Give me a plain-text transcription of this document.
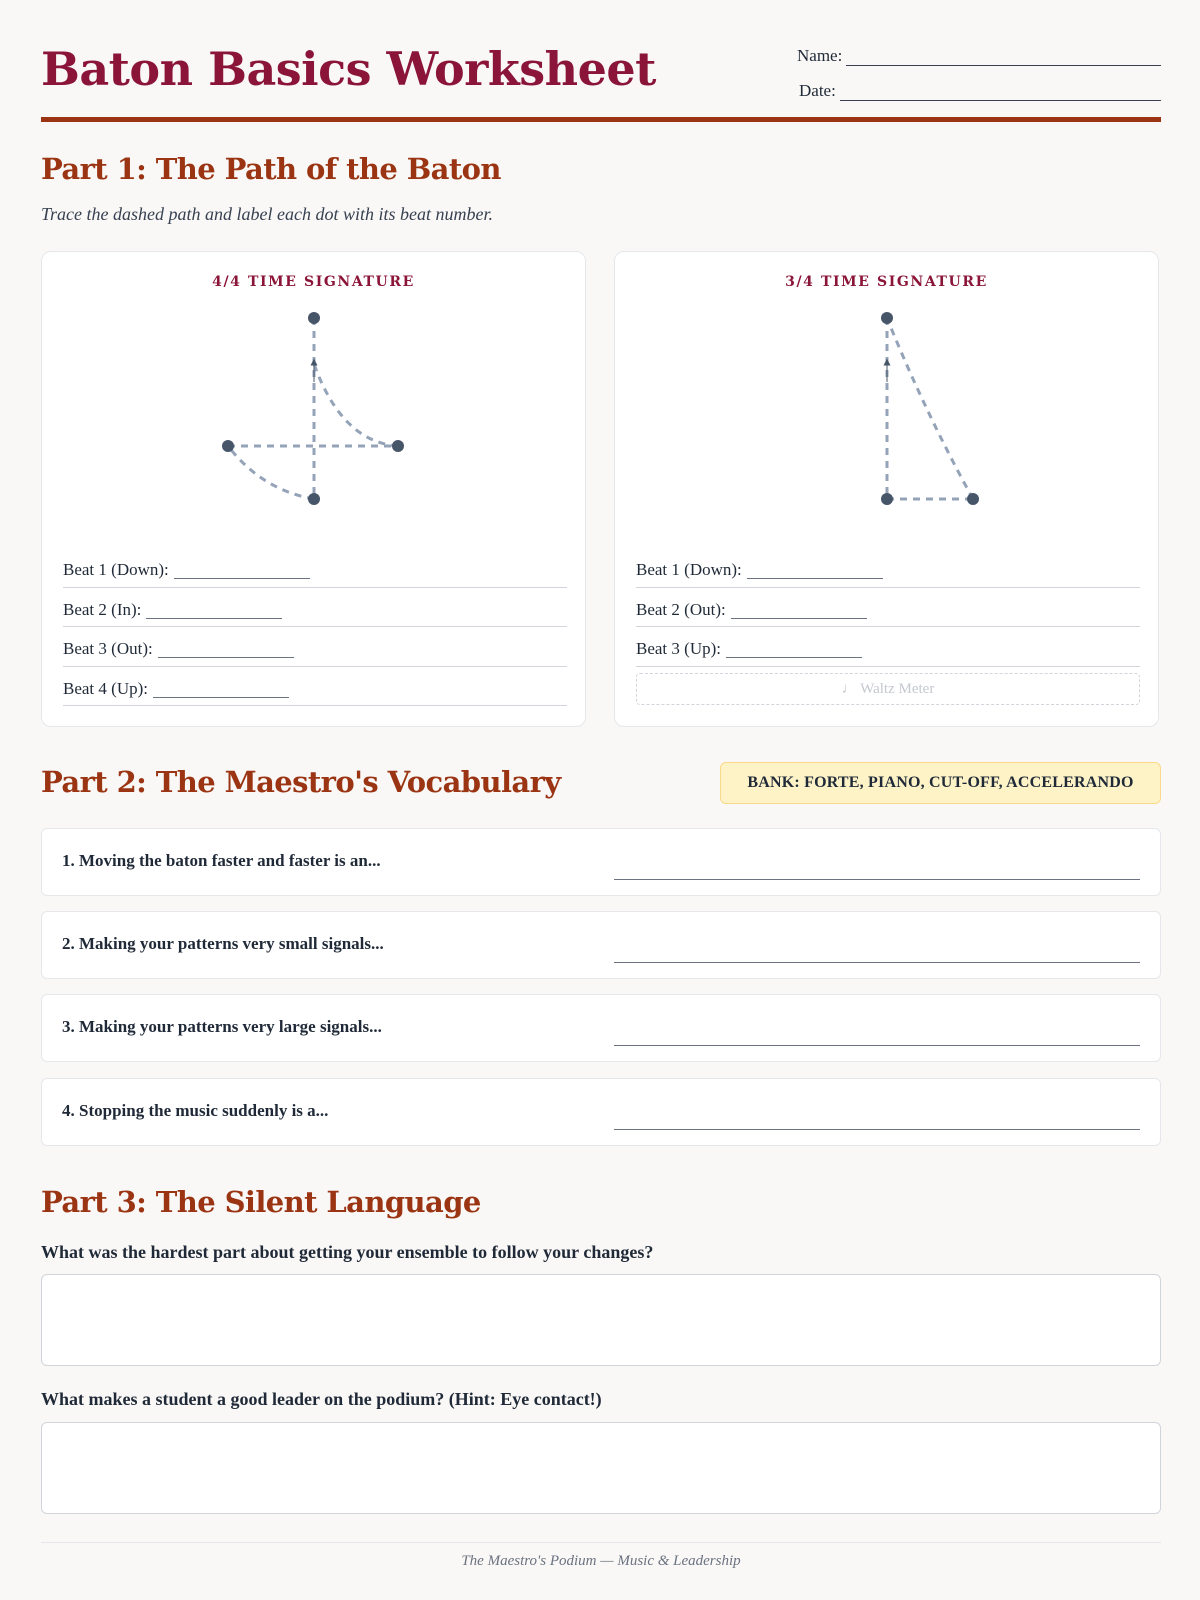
Baton Basics Worksheet	Name:
Date:
Part 1: The Path of the Baton
Trace the dashed path and label each dot with its beat number.
4/4 TIME SIGNATURE
Beat 1 (Down):
Beat 2 (In):
Beat 3 (Out):
Beat 4 (Up):
3/4 TIME SIGNATURE
Beat 1 (Down):
Beat 2 (Out):
Beat 3 (Up):
♩ Waltz Meter
Part 2: The Maestro's Vocabulary	BANK: FORTE, PIANO, CUT-OFF, ACCELERANDO
1. Moving the baton faster and faster is an...
2. Making your patterns very small signals...
3. Making your patterns very large signals...
4. Stopping the music suddenly is a...
Part 3: The Silent Language
What was the hardest part about getting your ensemble to follow your changes?
What makes a student a good leader on the podium? (Hint: Eye contact!)
The Maestro's Podium — Music & Leadership
